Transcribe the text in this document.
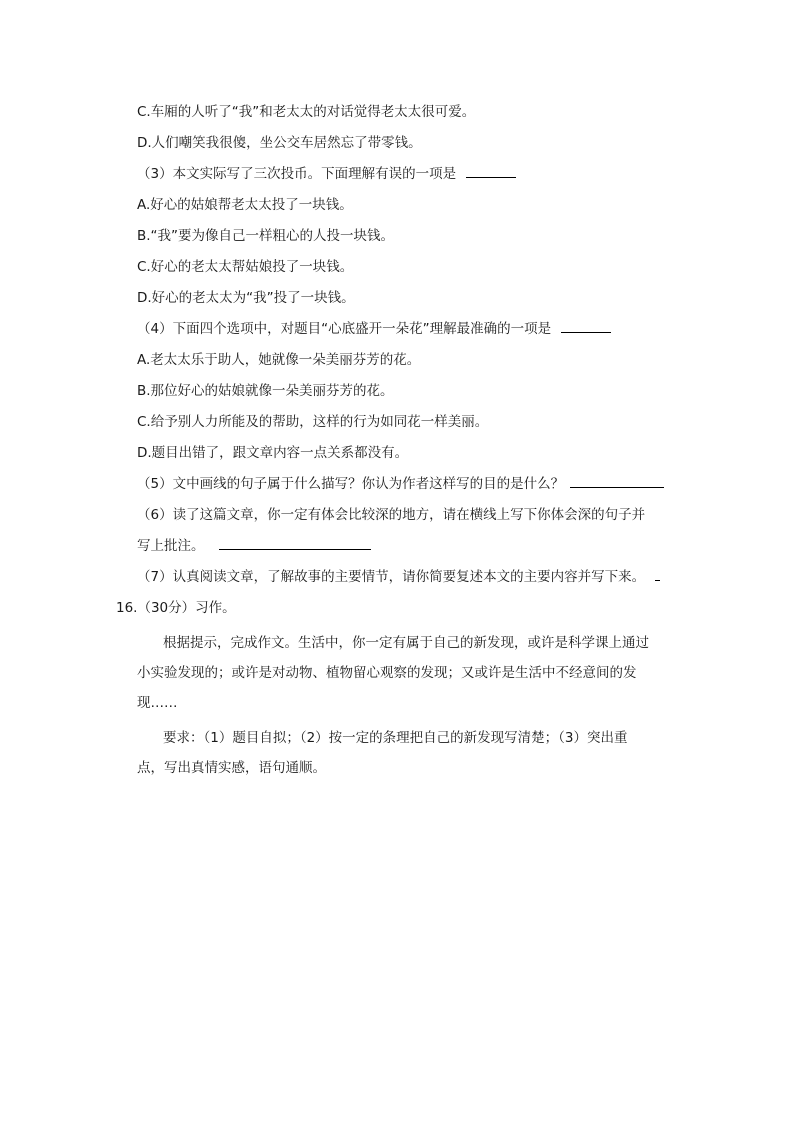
C.车厢的人听了“我”和老太太的对话觉得老太太很可爱。
D.人们嘲笑我很傻，坐公交车居然忘了带零钱。
（3）本文实际写了三次投币。下面理解有误的一项是
A.好心的姑娘帮老太太投了一块钱。
B.“我”要为像自己一样粗心的人投一块钱。
C.好心的老太太帮姑娘投了一块钱。
D.好心的老太太为“我”投了一块钱。
（4）下面四个选项中，对题目“心底盛开一朵花”理解最准确的一项是
A.老太太乐于助人，她就像一朵美丽芬芳的花。
B.那位好心的姑娘就像一朵美丽芬芳的花。
C.给予别人力所能及的帮助，这样的行为如同花一样美丽。
D.题目出错了，跟文章内容一点关系都没有。
（5）文中画线的句子属于什么描写？你认为作者这样写的目的是什么？
（6）读了这篇文章，你一定有体会比较深的地方，请在横线上写下你体会深的句子并
写上批注。
（7）认真阅读文章，了解故事的主要情节，请你简要复述本文的主要内容并写下来。
16.（30分）习作。
根据提示，完成作文。生活中，你一定有属于自己的新发现，或许是科学课上通过
小实验发现的；或许是对动物、植物留心观察的发现；又或许是生活中不经意间的发
现……
要求：（1）题目自拟；（2）按一定的条理把自己的新发现写清楚；（3）突出重
点，写出真情实感，语句通顺。
